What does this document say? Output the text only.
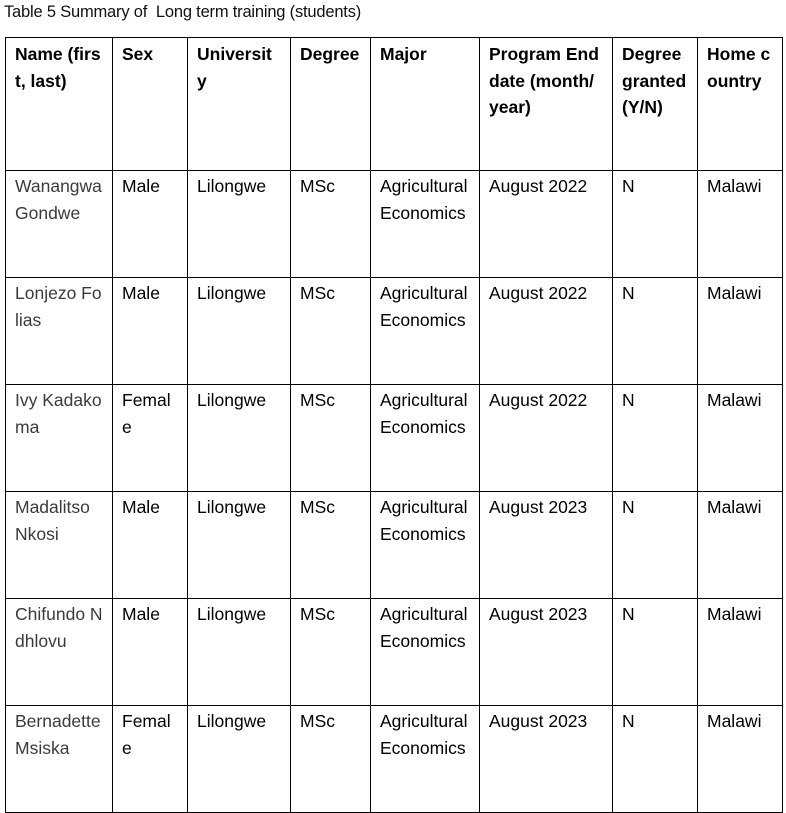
Table 5 Summary of  Long term training (students)
Name (first, last)	Sex	University	Degree	Major	Program End date (month/year)	Degree granted (Y/N)	Home country
Wanangwa Gondwe	Male	Lilongwe	MSc	Agricultural Economics	August 2022	N	Malawi
Lonjezo Folias	Male	Lilongwe	MSc	Agricultural Economics	August 2022	N	Malawi
Ivy Kadakoma	Female	Lilongwe	MSc	Agricultural Economics	August 2022	N	Malawi
Madalitso Nkosi	Male	Lilongwe	MSc	Agricultural Economics	August 2023	N	Malawi
Chifundo Ndhlovu	Male	Lilongwe	MSc	Agricultural Economics	August 2023	N	Malawi
Bernadette Msiska	Female	Lilongwe	MSc	Agricultural Economics	August 2023	N	Malawi
